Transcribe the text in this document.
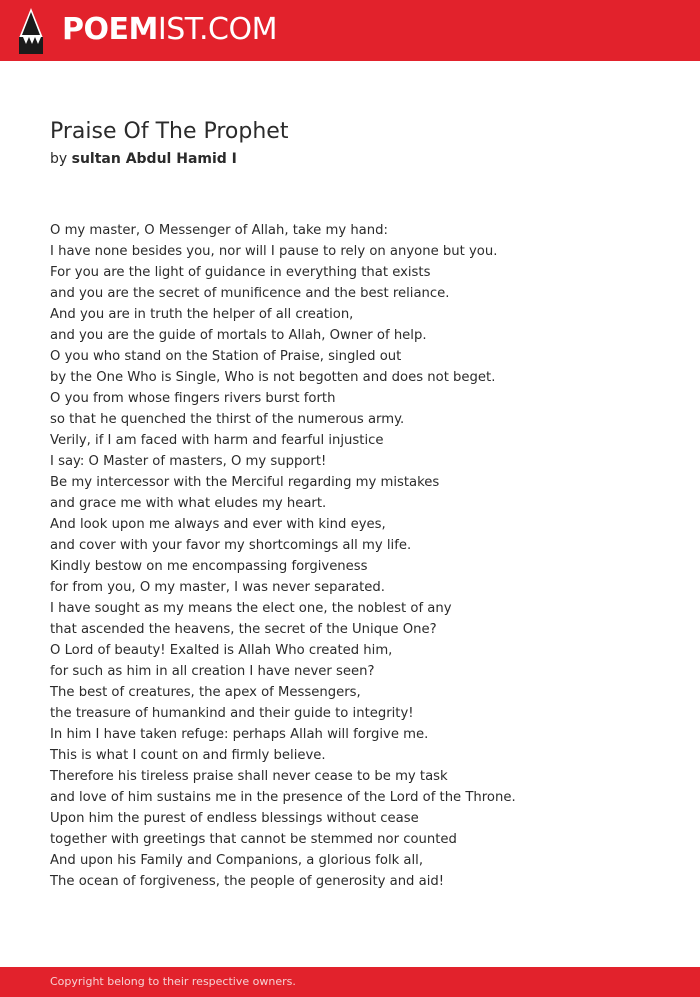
POEMIST.COM
Praise Of The Prophet
by sultan Abdul Hamid I
O my master, O Messenger of Allah, take my hand:
I have none besides you, nor will I pause to rely on anyone but you.
For you are the light of guidance in everything that exists
and you are the secret of munificence and the best reliance.
And you are in truth the helper of all creation,
and you are the guide of mortals to Allah, Owner of help.
O you who stand on the Station of Praise, singled out
by the One Who is Single, Who is not begotten and does not beget.
O you from whose fingers rivers burst forth
so that he quenched the thirst of the numerous army.
Verily, if I am faced with harm and fearful injustice
I say: O Master of masters, O my support!
Be my intercessor with the Merciful regarding my mistakes
and grace me with what eludes my heart.
And look upon me always and ever with kind eyes,
and cover with your favor my shortcomings all my life.
Kindly bestow on me encompassing forgiveness
for from you, O my master, I was never separated.
I have sought as my means the elect one, the noblest of any
that ascended the heavens, the secret of the Unique One?
O Lord of beauty! Exalted is Allah Who created him,
for such as him in all creation I have never seen?
The best of creatures, the apex of Messengers,
the treasure of humankind and their guide to integrity!
In him I have taken refuge: perhaps Allah will forgive me.
This is what I count on and firmly believe.
Therefore his tireless praise shall never cease to be my task
and love of him sustains me in the presence of the Lord of the Throne.
Upon him the purest of endless blessings without cease
together with greetings that cannot be stemmed nor counted
And upon his Family and Companions, a glorious folk all,
The ocean of forgiveness, the people of generosity and aid!
Copyright belong to their respective owners.
